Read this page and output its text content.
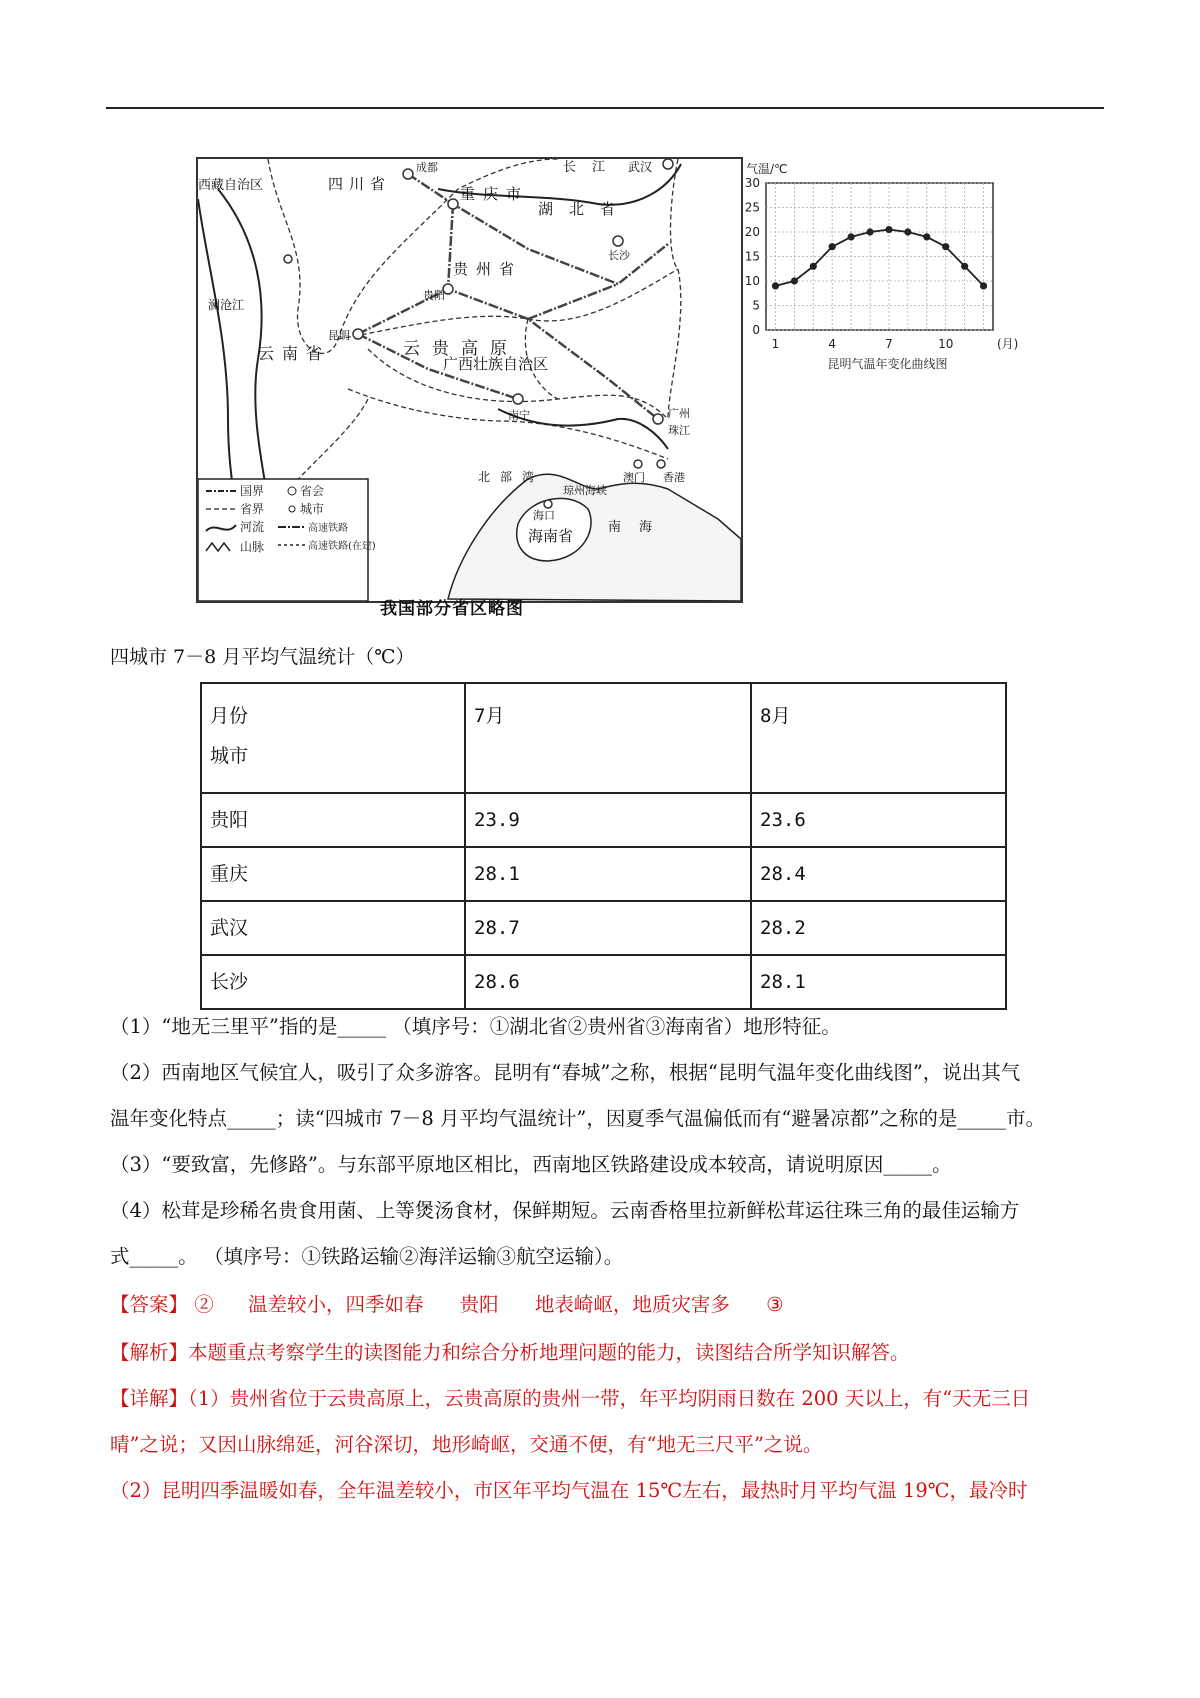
西藏自治区	四川省
成都
重庆市
湖北省
长江 武汉
长沙
贵州省
贵阳
云贵高原
云南省
昆明
澜沧江
广西壮族自治区
南宁	广州
珠江
澳门 香港
北部湾
琼州海峡
海口
海南省	南海
国界
省界
河流
山脉
省会
城市
高速铁路
高速铁路(在建)
我国部分省区略图
0
5
10
15
20
25
30
1	4	7	10
气温/℃
(月)
昆明气温年变化曲线图
四城市 7－8 月平均气温统计（℃）
月份
城市	7月	8月
贵阳	23.9	23.6
重庆	28.1	28.4
武汉	28.7	28.2
长沙	28.6	28.1
（1）“地无三里平”指的是_____ （填序号：①湖北省②贵州省③海南省）地形特征。
（2）西南地区气候宜人，吸引了众多游客。昆明有“春城”之称，根据“昆明气温年变化曲线图”，说出其气
温年变化特点_____；读“四城市 7－8 月平均气温统计”，因夏季气温偏低而有“避暑凉都”之称的是_____市。
（3）“要致富，先修路”。与东部平原地区相比，西南地区铁路建设成本较高，请说明原因_____。
（4）松茸是珍稀名贵食用菌、上等煲汤食材，保鲜期短。云南香格里拉新鲜松茸运往珠三角的最佳运输方
式_____。 （填序号：①铁路运输②海洋运输③航空运输）。
【答案】 ② 温差较小，四季如春 贵阳 地表崎岖，地质灾害多 ③
【解析】本题重点考察学生的读图能力和综合分析地理问题的能力，读图结合所学知识解答。
【详解】（1）贵州省位于云贵高原上，云贵高原的贵州一带，年平均阴雨日数在 200 天以上，有“天无三日
晴”之说；又因山脉绵延，河谷深切，地形崎岖，交通不便，有“地无三尺平”之说。
（2）昆明四季温暖如春，全年温差较小，市区年平均气温在 15℃左右，最热时月平均气温 19℃，最冷时
